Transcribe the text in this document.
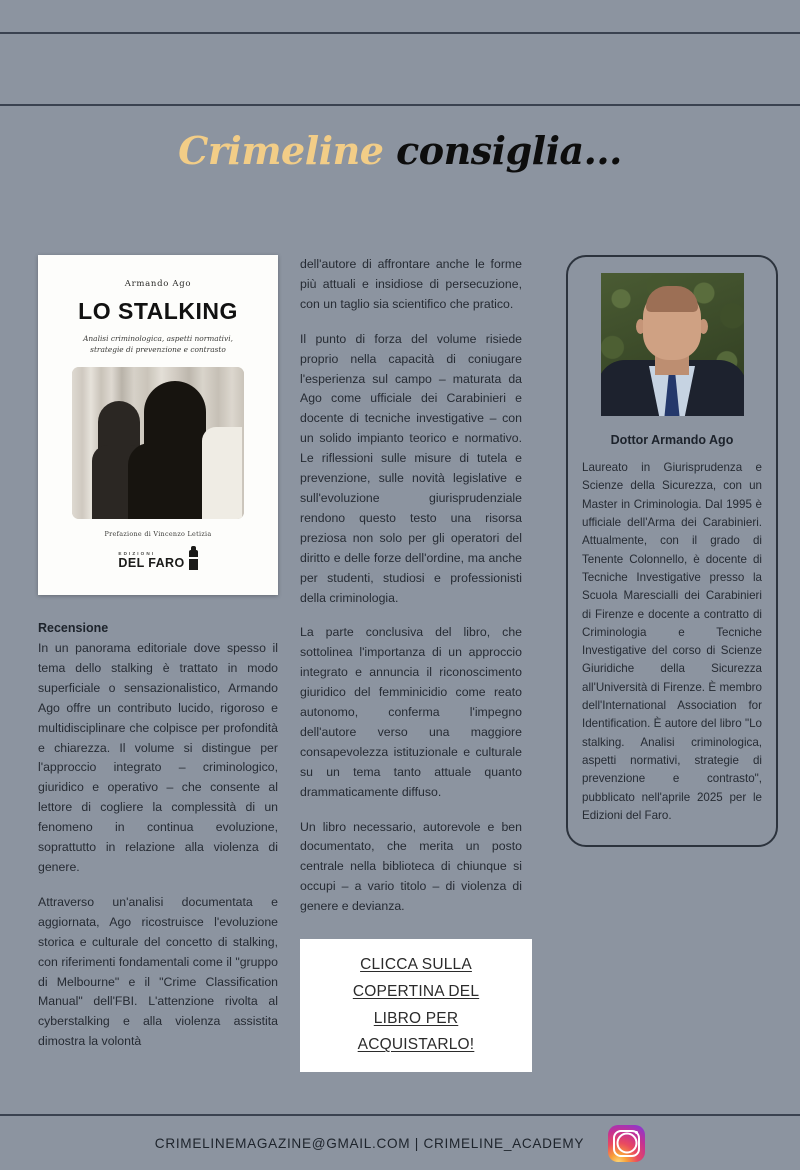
Crimeline consiglia...
Armando Ago
LO STALKING
Analisi criminologica, aspetti normativi, strategie di prevenzione e contrasto
Prefazione di Vincenzo Letizia
EDIZIONI
DEL FARO
Recensione

In un panorama editoriale dove spesso il tema dello stalking è trattato in modo superficiale o sensazionalistico, Armando Ago offre un contributo lucido, rigoroso e multidisciplinare che colpisce per profondità e chiarezza. Il volume si distingue per l'approccio integrato – criminologico, giuridico e operativo – che consente al lettore di cogliere la complessità di un fenomeno in continua evoluzione, soprattutto in relazione alla violenza di genere.

Attraverso un'analisi documentata e aggiornata, Ago ricostruisce l'evoluzione storica e culturale del concetto di stalking, con riferimenti fondamentali come il "gruppo di Melbourne" e il "Crime Classification Manual" dell'FBI. L'attenzione rivolta al cyberstalking e alla violenza assistita dimostra la volontà

dell'autore di affrontare anche le forme più attuali e insidiose di persecuzione, con un taglio sia scientifico che pratico.

Il punto di forza del volume risiede proprio nella capacità di coniugare l'esperienza sul campo – maturata da Ago come ufficiale dei Carabinieri e docente di tecniche investigative – con un solido impianto teorico e normativo. Le riflessioni sulle misure di tutela e prevenzione, sulle novità legislative e sull'evoluzione giurisprudenziale rendono questo testo una risorsa preziosa non solo per gli operatori del diritto e delle forze dell'ordine, ma anche per studenti, studiosi e professionisti della criminologia.

La parte conclusiva del libro, che sottolinea l'importanza di un approccio integrato e annuncia il riconoscimento giuridico del femminicidio come reato autonomo, conferma l'impegno dell'autore verso una maggiore consapevolezza istituzionale e culturale su un tema tanto attuale quanto drammaticamente diffuso.

Un libro necessario, autorevole e ben documentato, che merita un posto centrale nella biblioteca di chiunque si occupi – a vario titolo – di violenza di genere e devianza.

CLICCA SULLA COPERTINA DEL LIBRO PER ACQUISTARLO!
Dottor Armando Ago

Laureato in Giurisprudenza e Scienze della Sicurezza, con un Master in Criminologia. Dal 1995 è ufficiale dell'Arma dei Carabinieri. Attualmente, con il grado di Tenente Colonnello, è docente di Tecniche Investigative presso la Scuola Marescialli dei Carabinieri di Firenze e docente a contratto di Criminologia e Tecniche Investigative del corso di Scienze Giuridiche della Sicurezza all'Università di Firenze. È membro dell'International Association for Identification. È autore del libro "Lo stalking. Analisi criminologica, aspetti normativi, strategie di prevenzione e contrasto", pubblicato nell'aprile 2025 per le Edizioni del Faro.

CRIMELINEMAGAZINE@GMAIL.COM | CRIMELINE_ACADEMY
